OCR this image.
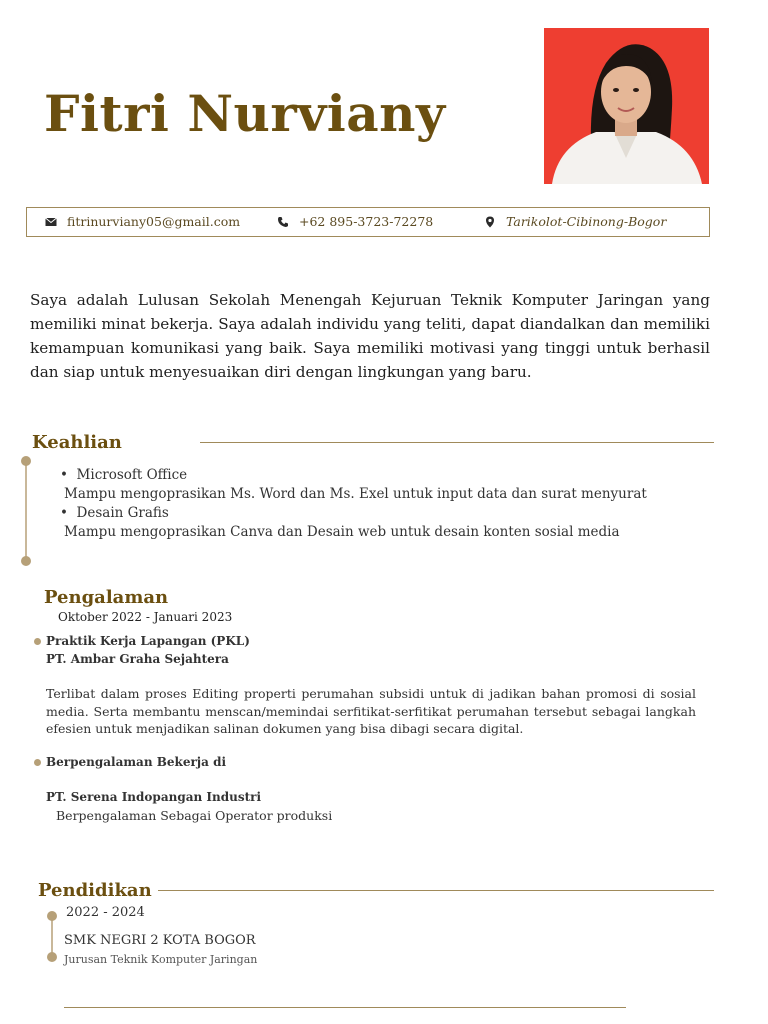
Fitri Nurviany
fitrinurviany05@gmail.com	+62 895-3723-72278	Tarikolot-Cibinong-Bogor
Saya adalah Lulusan Sekolah Menengah Kejuruan Teknik Komputer Jaringan yang memiliki minat bekerja. Saya adalah individu yang teliti, dapat diandalkan dan memiliki kemampuan komunikasi yang baik. Saya memiliki motivasi yang tinggi untuk berhasil dan siap untuk menyesuaikan diri dengan lingkungan yang baru.
Keahlian
•  Microsoft Office
Mampu mengoprasikan Ms. Word dan Ms. Exel untuk input data dan surat menyurat
•  Desain Grafis
Mampu mengoprasikan Canva dan Desain web untuk desain konten sosial media
Pengalaman
Oktober 2022 - Januari 2023
Praktik Kerja Lapangan (PKL)
PT. Ambar Graha Sejahtera
Terlibat dalam proses Editing properti perumahan subsidi untuk di jadikan bahan promosi di sosial media. Serta membantu menscan/memindai serfitikat-serfitikat perumahan tersebut sebagai langkah efesien untuk menjadikan salinan dokumen yang bisa dibagi secara digital.
Berpengalaman Bekerja di
PT. Serena Indopangan Industri
Berpengalaman Sebagai Operator produksi
Pendidikan
2022 - 2024
SMK NEGRI 2 KOTA BOGOR
Jurusan Teknik Komputer Jaringan
